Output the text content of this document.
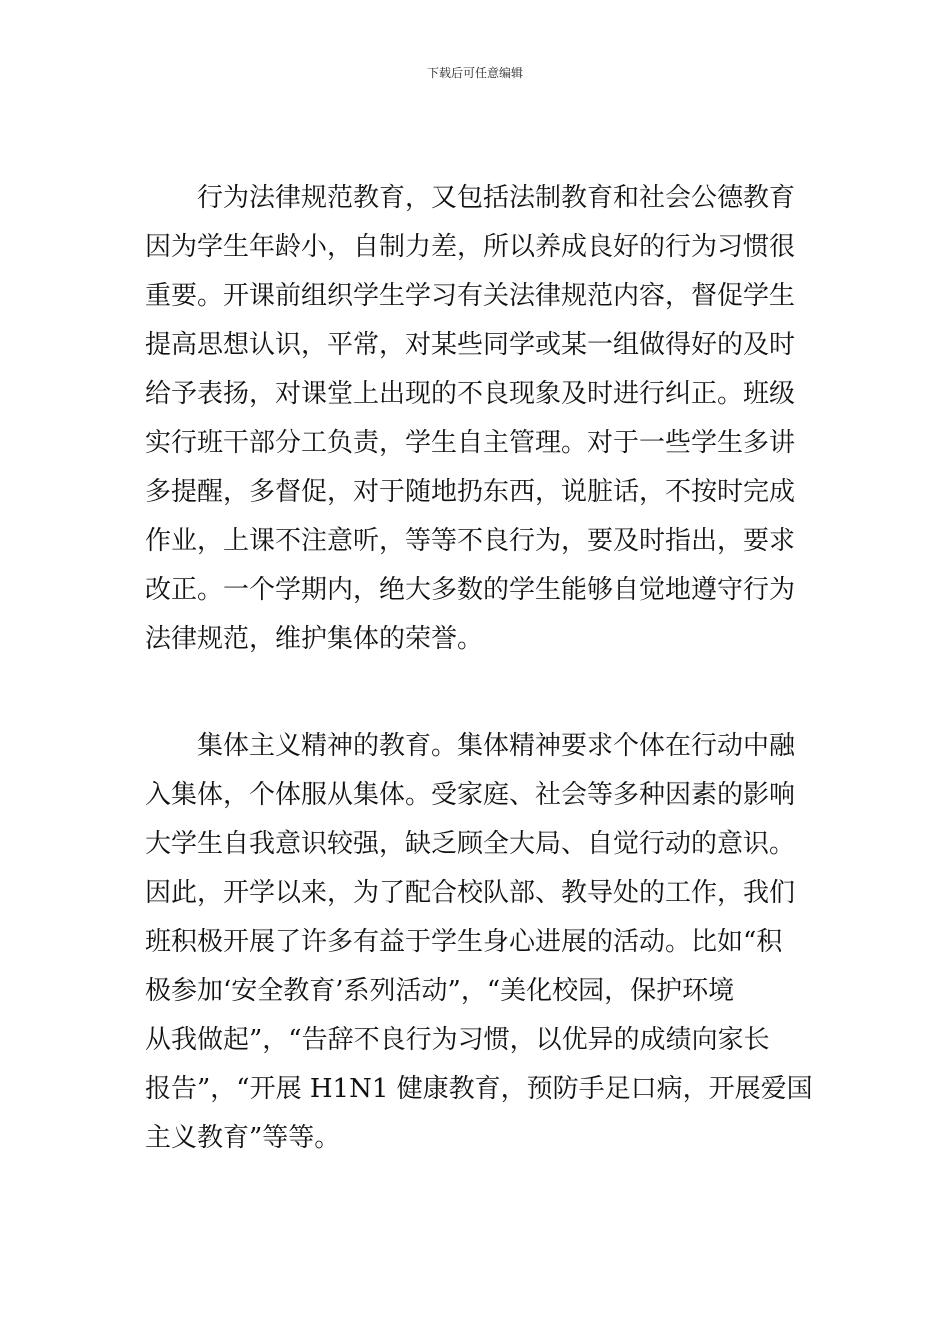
下载后可任意编辑
行为法律规范教育，又包括法制教育和社会公德教育
因为学生年龄小，自制力差，所以养成良好的行为习惯很
重要。开课前组织学生学习有关法律规范内容，督促学生
提高思想认识，平常，对某些同学或某一组做得好的及时
给予表扬，对课堂上出现的不良现象及时进行纠正。班级
实行班干部分工负责，学生自主管理。对于一些学生多讲
多提醒，多督促，对于随地扔东西，说脏话，不按时完成
作业，上课不注意听，等等不良行为，要及时指出，要求
改正。一个学期内，绝大多数的学生能够自觉地遵守行为
法律规范，维护集体的荣誉。
集体主义精神的教育。集体精神要求个体在行动中融
入集体，个体服从集体。受家庭、社会等多种因素的影响
大学生自我意识较强，缺乏顾全大局、自觉行动的意识。
因此，开学以来，为了配合校队部、教导处的工作，我们
班积极开展了许多有益于学生身心进展的活动。比如“积
极参加‘安全教育’系列活动”，“美化校园，保护环境
从我做起”，“告辞不良行为习惯，以优异的成绩向家长
报告”，“开展 H1N1 健康教育，预防手足口病，开展爱国
主义教育”等等。
